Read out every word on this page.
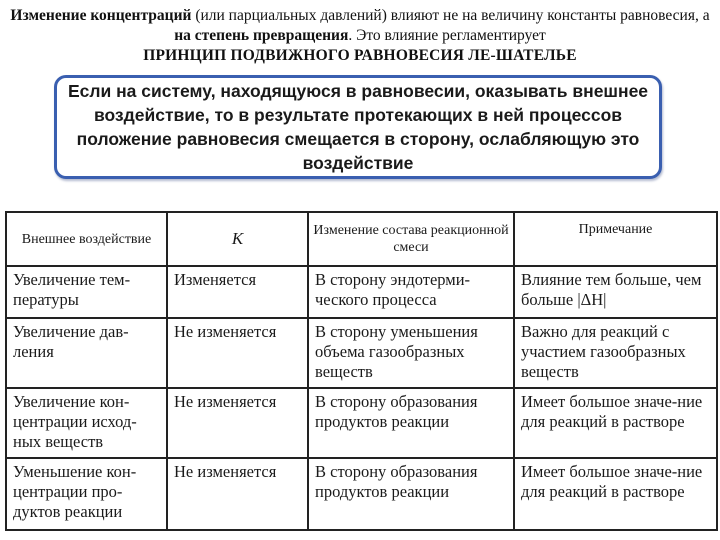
Изменение концентраций (или парциальных давлений) влияют не на величину константы равновесия, а на степень превращения. Это влияние регламентирует
ПРИНЦИП ПОДВИЖНОГО РАВНОВЕСИЯ ЛЕ-ШАТЕЛЬЕ
Если на систему, находящуюся в равновесии, оказывать внешнее воздействие, то в результате протекающих в ней процессов положение равновесия смещается в сторону, ослабляющую это воздействие
Внешнее воздействие	K	Изменение состава реакционной смеси	Примечание
Увеличение тем-пературы	Изменяется	В сторону эндотерми-ческого процесса	Влияние тем больше, чем больше |ΔH|
Увеличение дав-ления	Не изменяется	В сторону уменьшения объема газообразных веществ	Важно для реакций с участием газообразных веществ
Увеличение кон-центрации исход-ных веществ	Не изменяется	В сторону образования продуктов реакции	Имеет большое значе-ние для реакций в растворе
Уменьшение кон-центрации про-дуктов реакции	Не изменяется	В сторону образования продуктов реакции	Имеет большое значе-ние для реакций в растворе
